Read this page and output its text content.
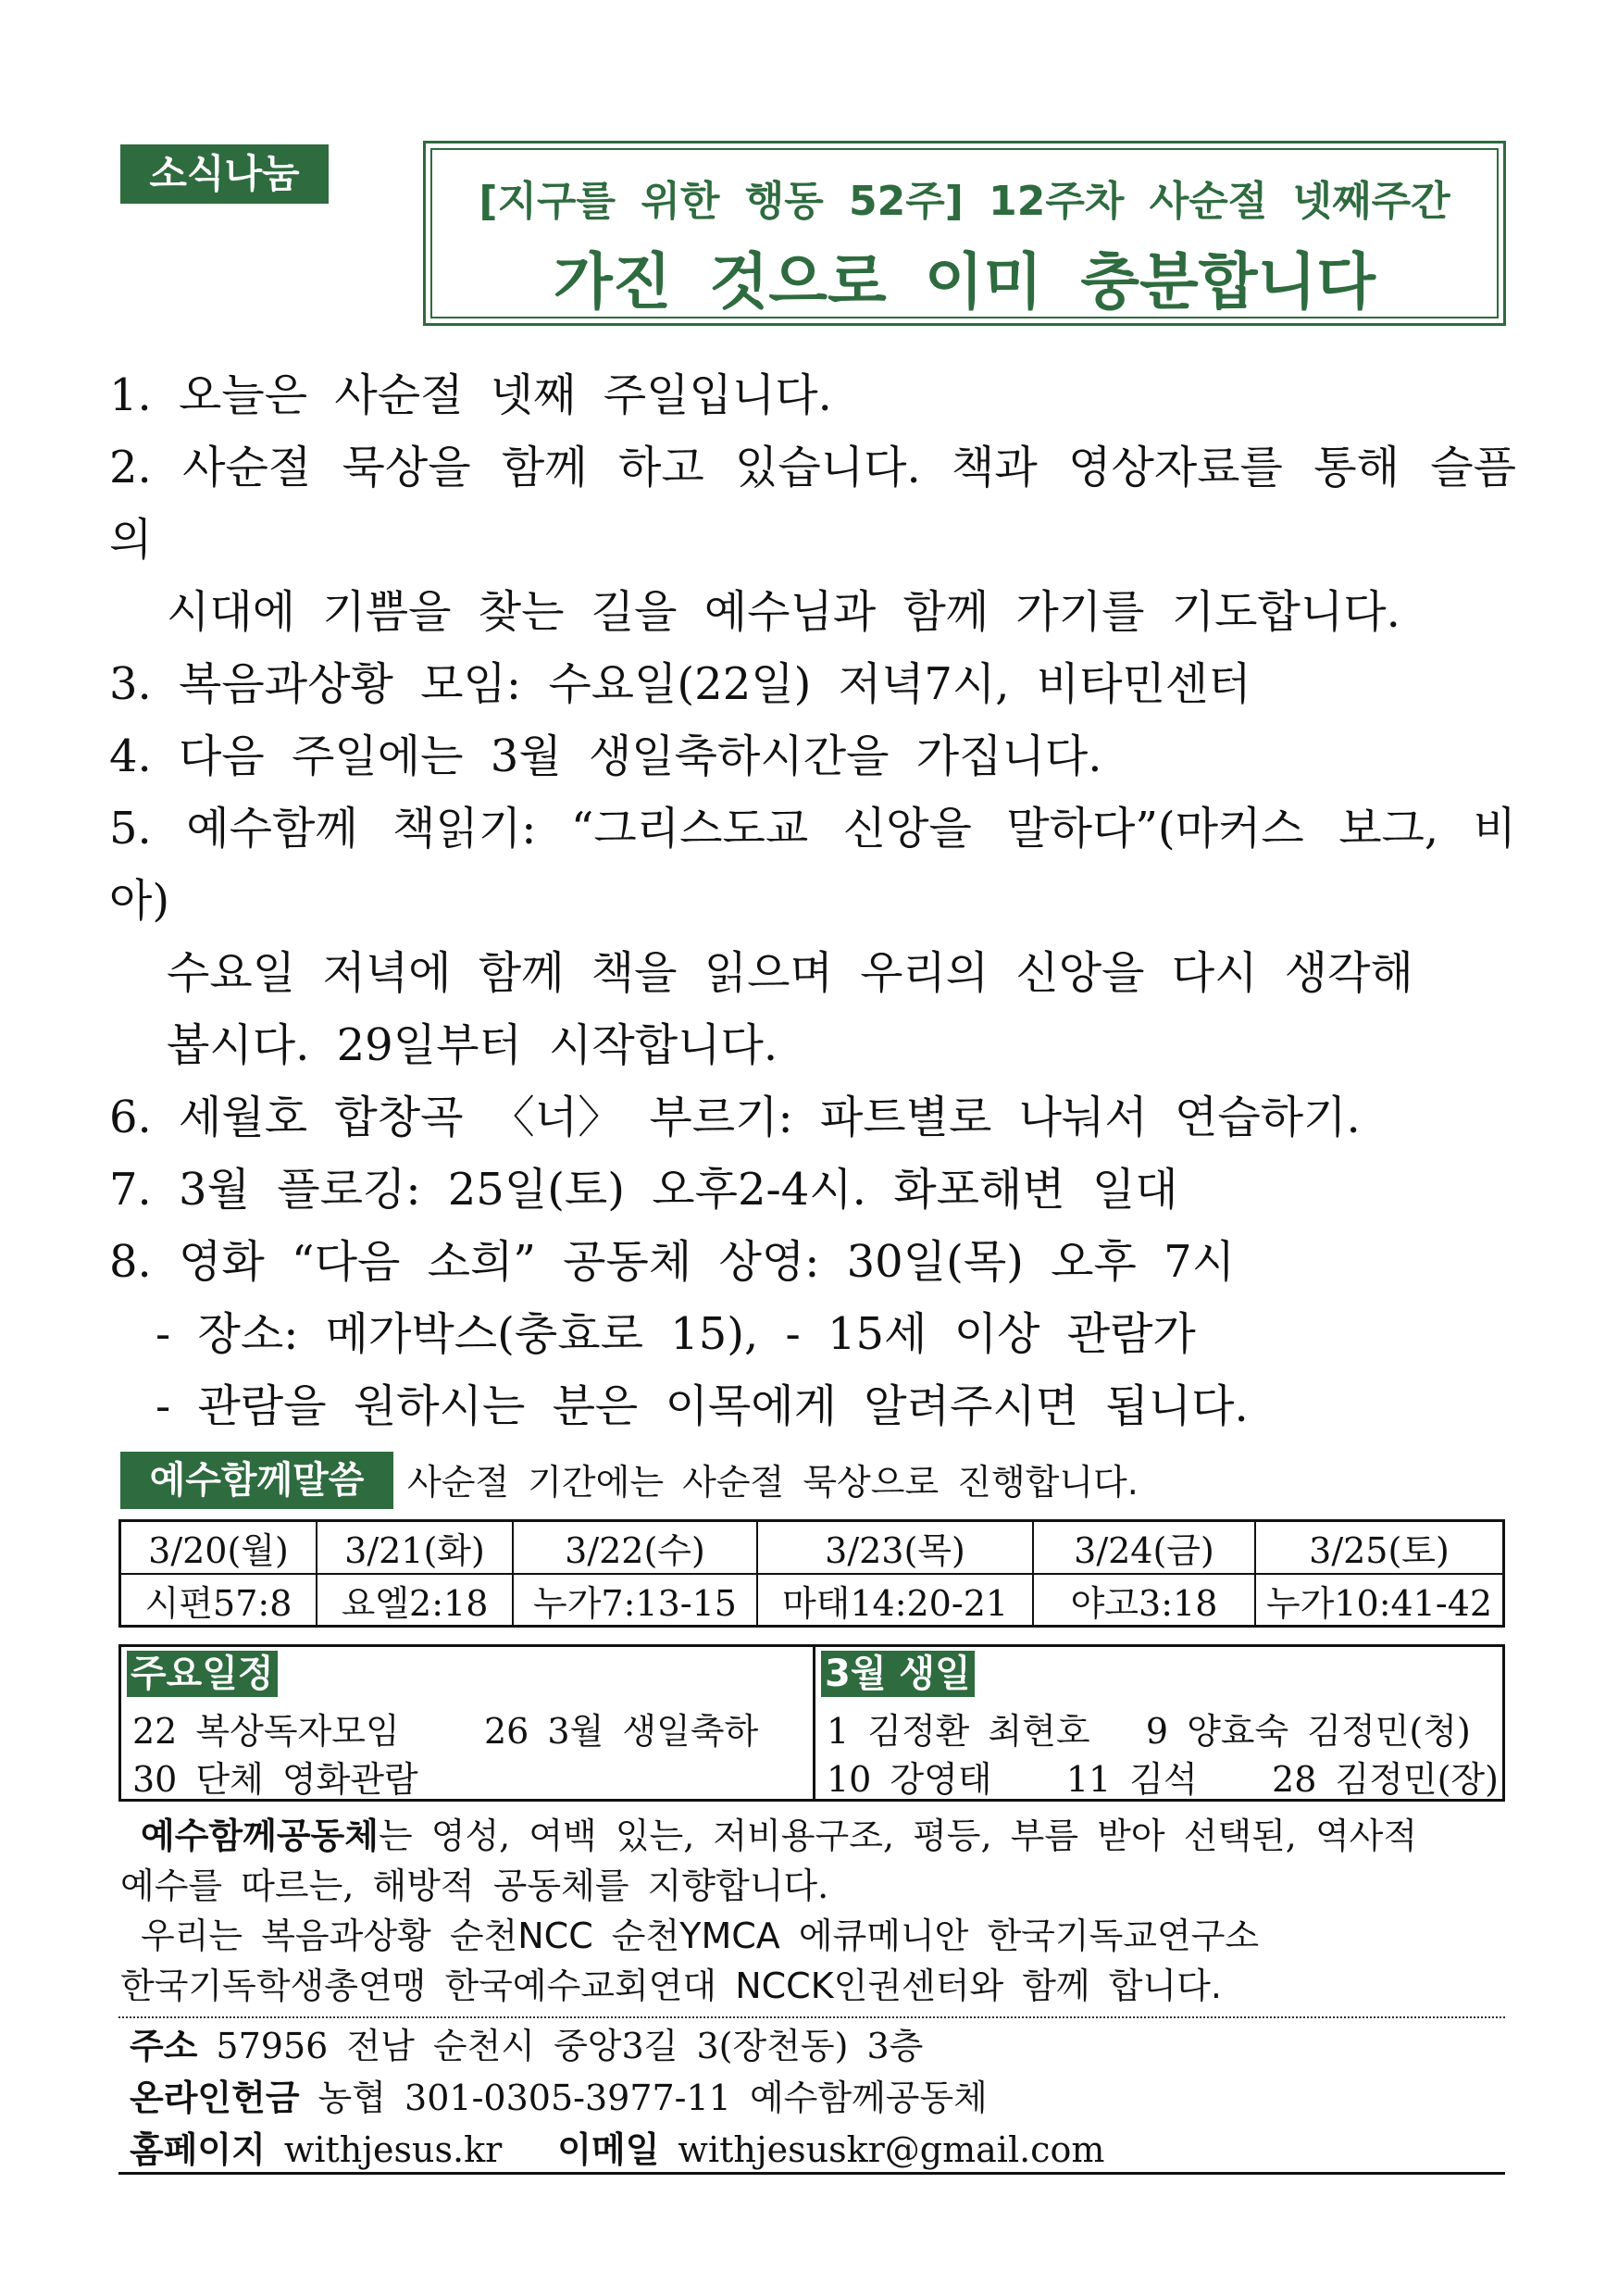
소식나눔
[지구를 위한 행동 52주] 12주차 사순절 넷째주간
가진 것으로 이미 충분합니다
1. 오늘은 사순절 넷째 주일입니다.
2. 사순절 묵상을 함께 하고 있습니다. 책과 영상자료를 통해 슬픔의
시대에 기쁨을 찾는 길을 예수님과 함께 가기를 기도합니다.
3. 복음과상황 모임: 수요일(22일) 저녁7시, 비타민센터
4. 다음 주일에는 3월 생일축하시간을 가집니다.
5. 예수함께 책읽기: “그리스도교 신앙을 말하다”(마커스 보그, 비아)
수요일 저녁에 함께 책을 읽으며 우리의 신앙을 다시 생각해
봅시다. 29일부터 시작합니다.
6. 세월호 합창곡 〈너〉 부르기: 파트별로 나눠서 연습하기.
7. 3월 플로깅: 25일(토) 오후2-4시. 화포해변 일대
8. 영화 “다음 소희” 공동체 상영: 30일(목) 오후 7시
- 장소: 메가박스(충효로 15), - 15세 이상 관람가
- 관람을 원하시는 분은 이목에게 알려주시면 됩니다.
예수함께말씀	사순절 기간에는 사순절 묵상으로 진행합니다.
3/20(월)
시편57:8
3/21(화)
요엘2:18
3/22(수)
누가7:13-15
3/23(목)
마태14:20-21
3/24(금)
야고3:18
3/25(토)
누가10:41-42
주요일정
22 복상독자모임 26 3월 생일축하
30 단체 영화관람
3월 생일
1 김정환 최현호   9 양효숙 김정민(청)
10 강영태    11 김석    28 김정민(장)
예수함께공동체는 영성, 여백 있는, 저비용구조, 평등, 부름 받아 선택된, 역사적
예수를 따르는, 해방적 공동체를 지향합니다.
우리는 복음과상황 순천NCC 순천YMCA 에큐메니안 한국기독교연구소
한국기독학생총연맹 한국예수교회연대 NCCK인권센터와 함께 합니다.
주소 57956 전남 순천시 중앙3길 3(장천동) 3층
온라인헌금 농협 301-0305-3977-11 예수함께공동체
홈페이지 withjesus.kr 이메일 withjesuskr@gmail.com
